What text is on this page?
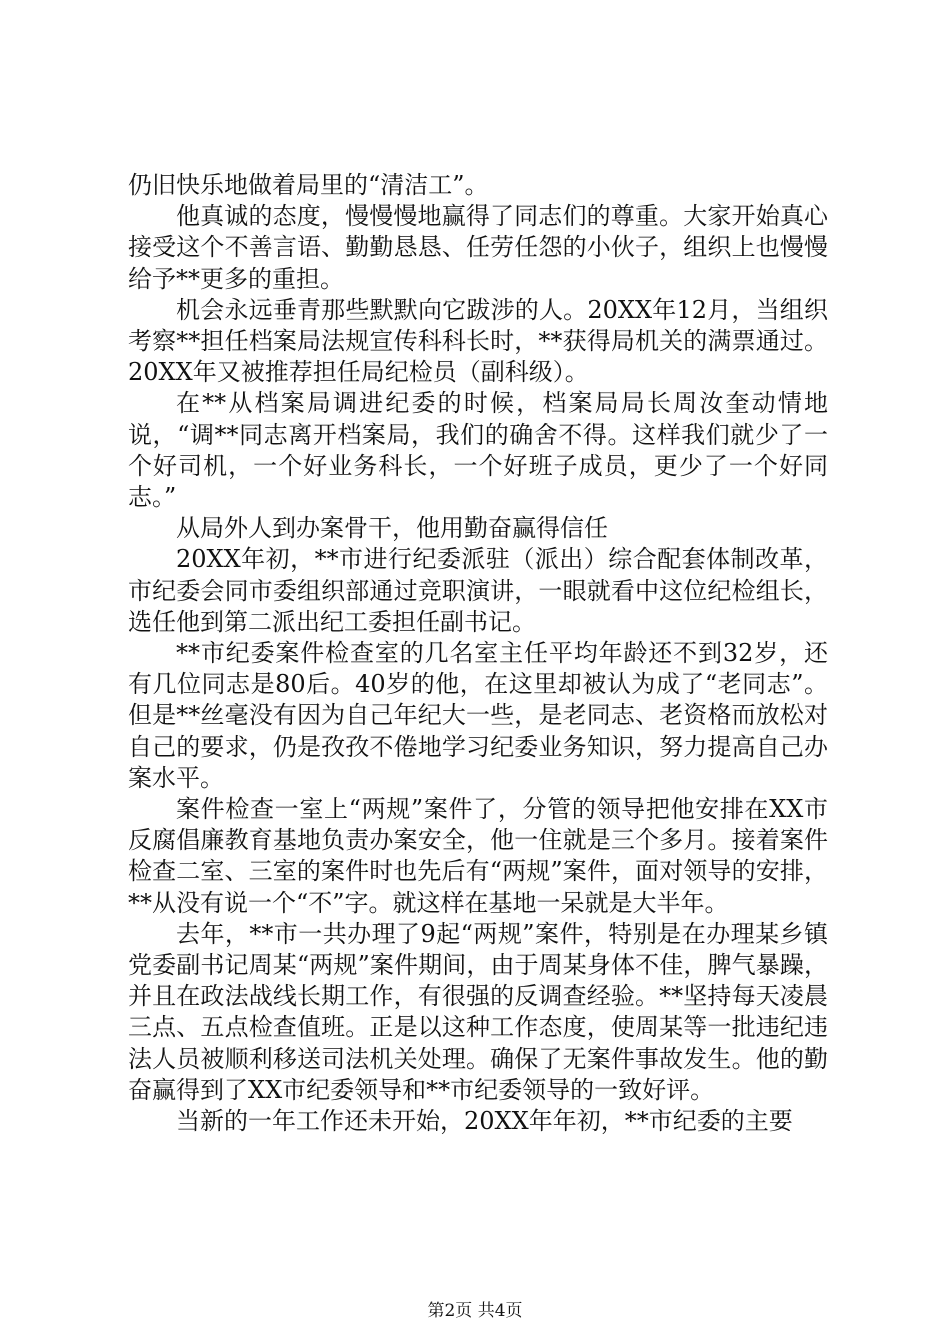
仍旧快乐地做着局里的“清洁工”。

他真诚的态度，慢慢慢地赢得了同志们的尊重。大家开始真心接受这个不善言语、勤勤恳恳、任劳任怨的小伙子，组织上也慢慢给予**更多的重担。

机会永远垂青那些默默向它跋涉的人。20XX年12月，当组织考察**担任档案局法规宣传科科长时，**获得局机关的满票通过。20XX年又被推荐担任局纪检员（副科级）。

在**从档案局调进纪委的时候，档案局局长周汝奎动情地说，“调**同志离开档案局，我们的确舍不得。这样我们就少了一个好司机，一个好业务科长，一个好班子成员，更少了一个好同志。”

从局外人到办案骨干，他用勤奋赢得信任

20XX年初，**市进行纪委派驻（派出）综合配套体制改革，市纪委会同市委组织部通过竞职演讲，一眼就看中这位纪检组长，选任他到第二派出纪工委担任副书记。

**市纪委案件检查室的几名室主任平均年龄还不到32岁，还有几位同志是80后。40岁的他，在这里却被认为成了“老同志”。但是**丝毫没有因为自己年纪大一些，是老同志、老资格而放松对自己的要求，仍是孜孜不倦地学习纪委业务知识，努力提高自己办案水平。

案件检查一室上“两规”案件了，分管的领导把他安排在XX市反腐倡廉教育基地负责办案安全，他一住就是三个多月。接着案件检查二室、三室的案件时也先后有“两规”案件，面对领导的安排，**从没有说一个“不”字。就这样在基地一呆就是大半年。

去年，**市一共办理了9起“两规”案件，特别是在办理某乡镇党委副书记周某“两规”案件期间，由于周某身体不佳，脾气暴躁，并且在政法战线长期工作，有很强的反调查经验。**坚持每天凌晨三点、五点检查值班。正是以这种工作态度，使周某等一批违纪违法人员被顺利移送司法机关处理。确保了无案件事故发生。他的勤奋赢得到了XX市纪委领导和**市纪委领导的一致好评。

当新的一年工作还未开始，20XX年年初，**市纪委的主要

第2页 共4页
